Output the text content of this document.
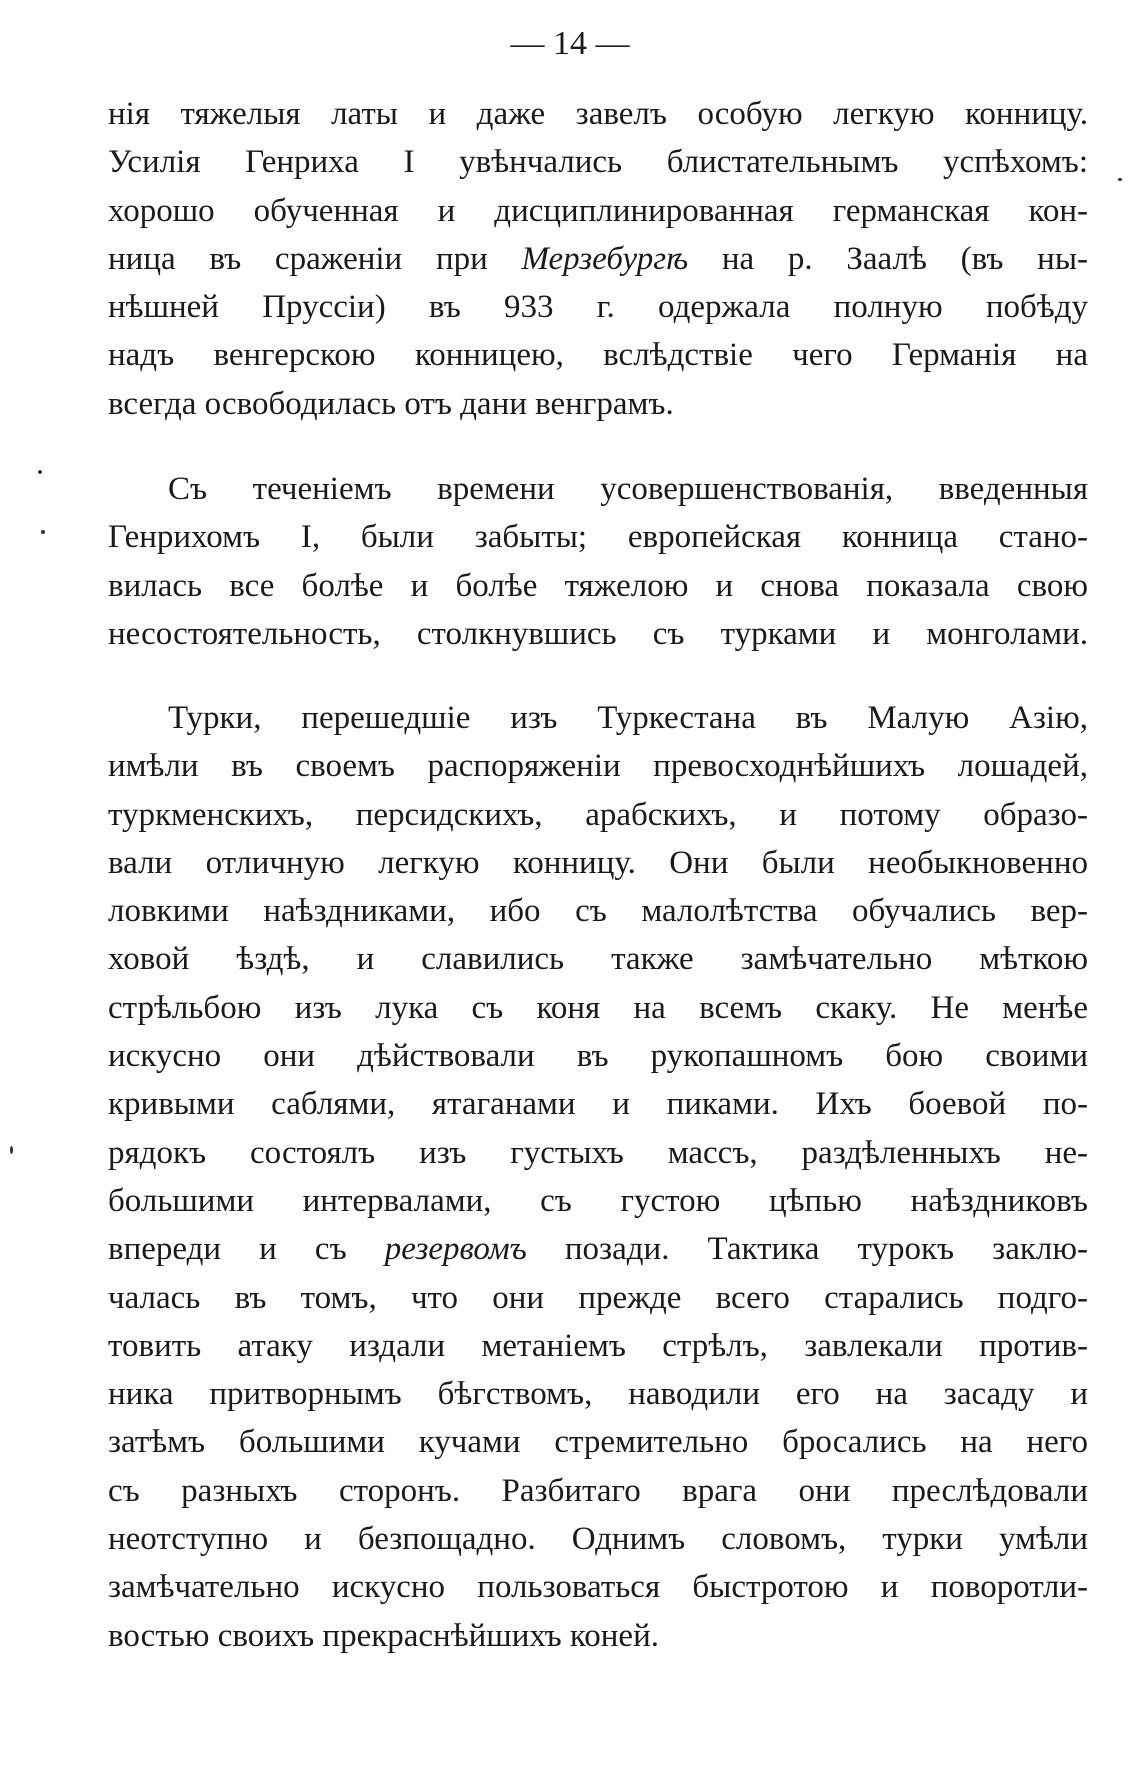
— 14 —
нія тяжелыя латы и даже завелъ особую легкую конницу.
Усилія Генриха I увѣнчались блистательнымъ успѣхомъ:
хорошо обученная и дисциплинированная германская кон-
ница въ сраженіи при Мерзебургѣ на р. Заалѣ (въ ны-
нѣшней Пруссіи) въ 933 г. одержала полную побѣду
надъ венгерскою конницею, вслѣдствіе чего Германія на
всегда освободилась отъ дани венграмъ.
Съ теченіемъ времени усовершенствованія, введенныя
Генрихомъ I, были забыты; европейская конница стано-
вилась все болѣе и болѣе тяжелою и снова показала свою
несостоятельность, столкнувшись съ турками и монголами.
Турки, перешедшіе изъ Туркестана въ Малую Азію,
имѣли въ своемъ распоряженіи превосходнѣйшихъ лошадей,
туркменскихъ, персидскихъ, арабскихъ, и потому образо-
вали отличную легкую конницу. Они были необыкновенно
ловкими наѣздниками, ибо съ малолѣтства обучались вер-
ховой ѣздѣ, и славились также замѣчательно мѣткою
стрѣльбою изъ лука съ коня на всемъ скаку. Не менѣе
искусно они дѣйствовали въ рукопашномъ бою своими
кривыми саблями, ятаганами и пиками. Ихъ боевой по-
рядокъ состоялъ изъ густыхъ массъ, раздѣленныхъ не-
большими интервалами, съ густою цѣпью наѣздниковъ
впереди и съ резервомъ позади. Тактика турокъ заклю-
чалась въ томъ, что они прежде всего старались подго-
товить атаку издали метаніемъ стрѣлъ, завлекали против-
ника притворнымъ бѣгствомъ, наводили его на засаду и
затѣмъ большими кучами стремительно бросались на него
съ разныхъ сторонъ. Разбитаго врага они преслѣдовали
неотступно и безпощадно. Однимъ словомъ, турки умѣли
замѣчательно искусно пользоваться быстротою и поворотли-
востью своихъ прекраснѣйшихъ коней.
